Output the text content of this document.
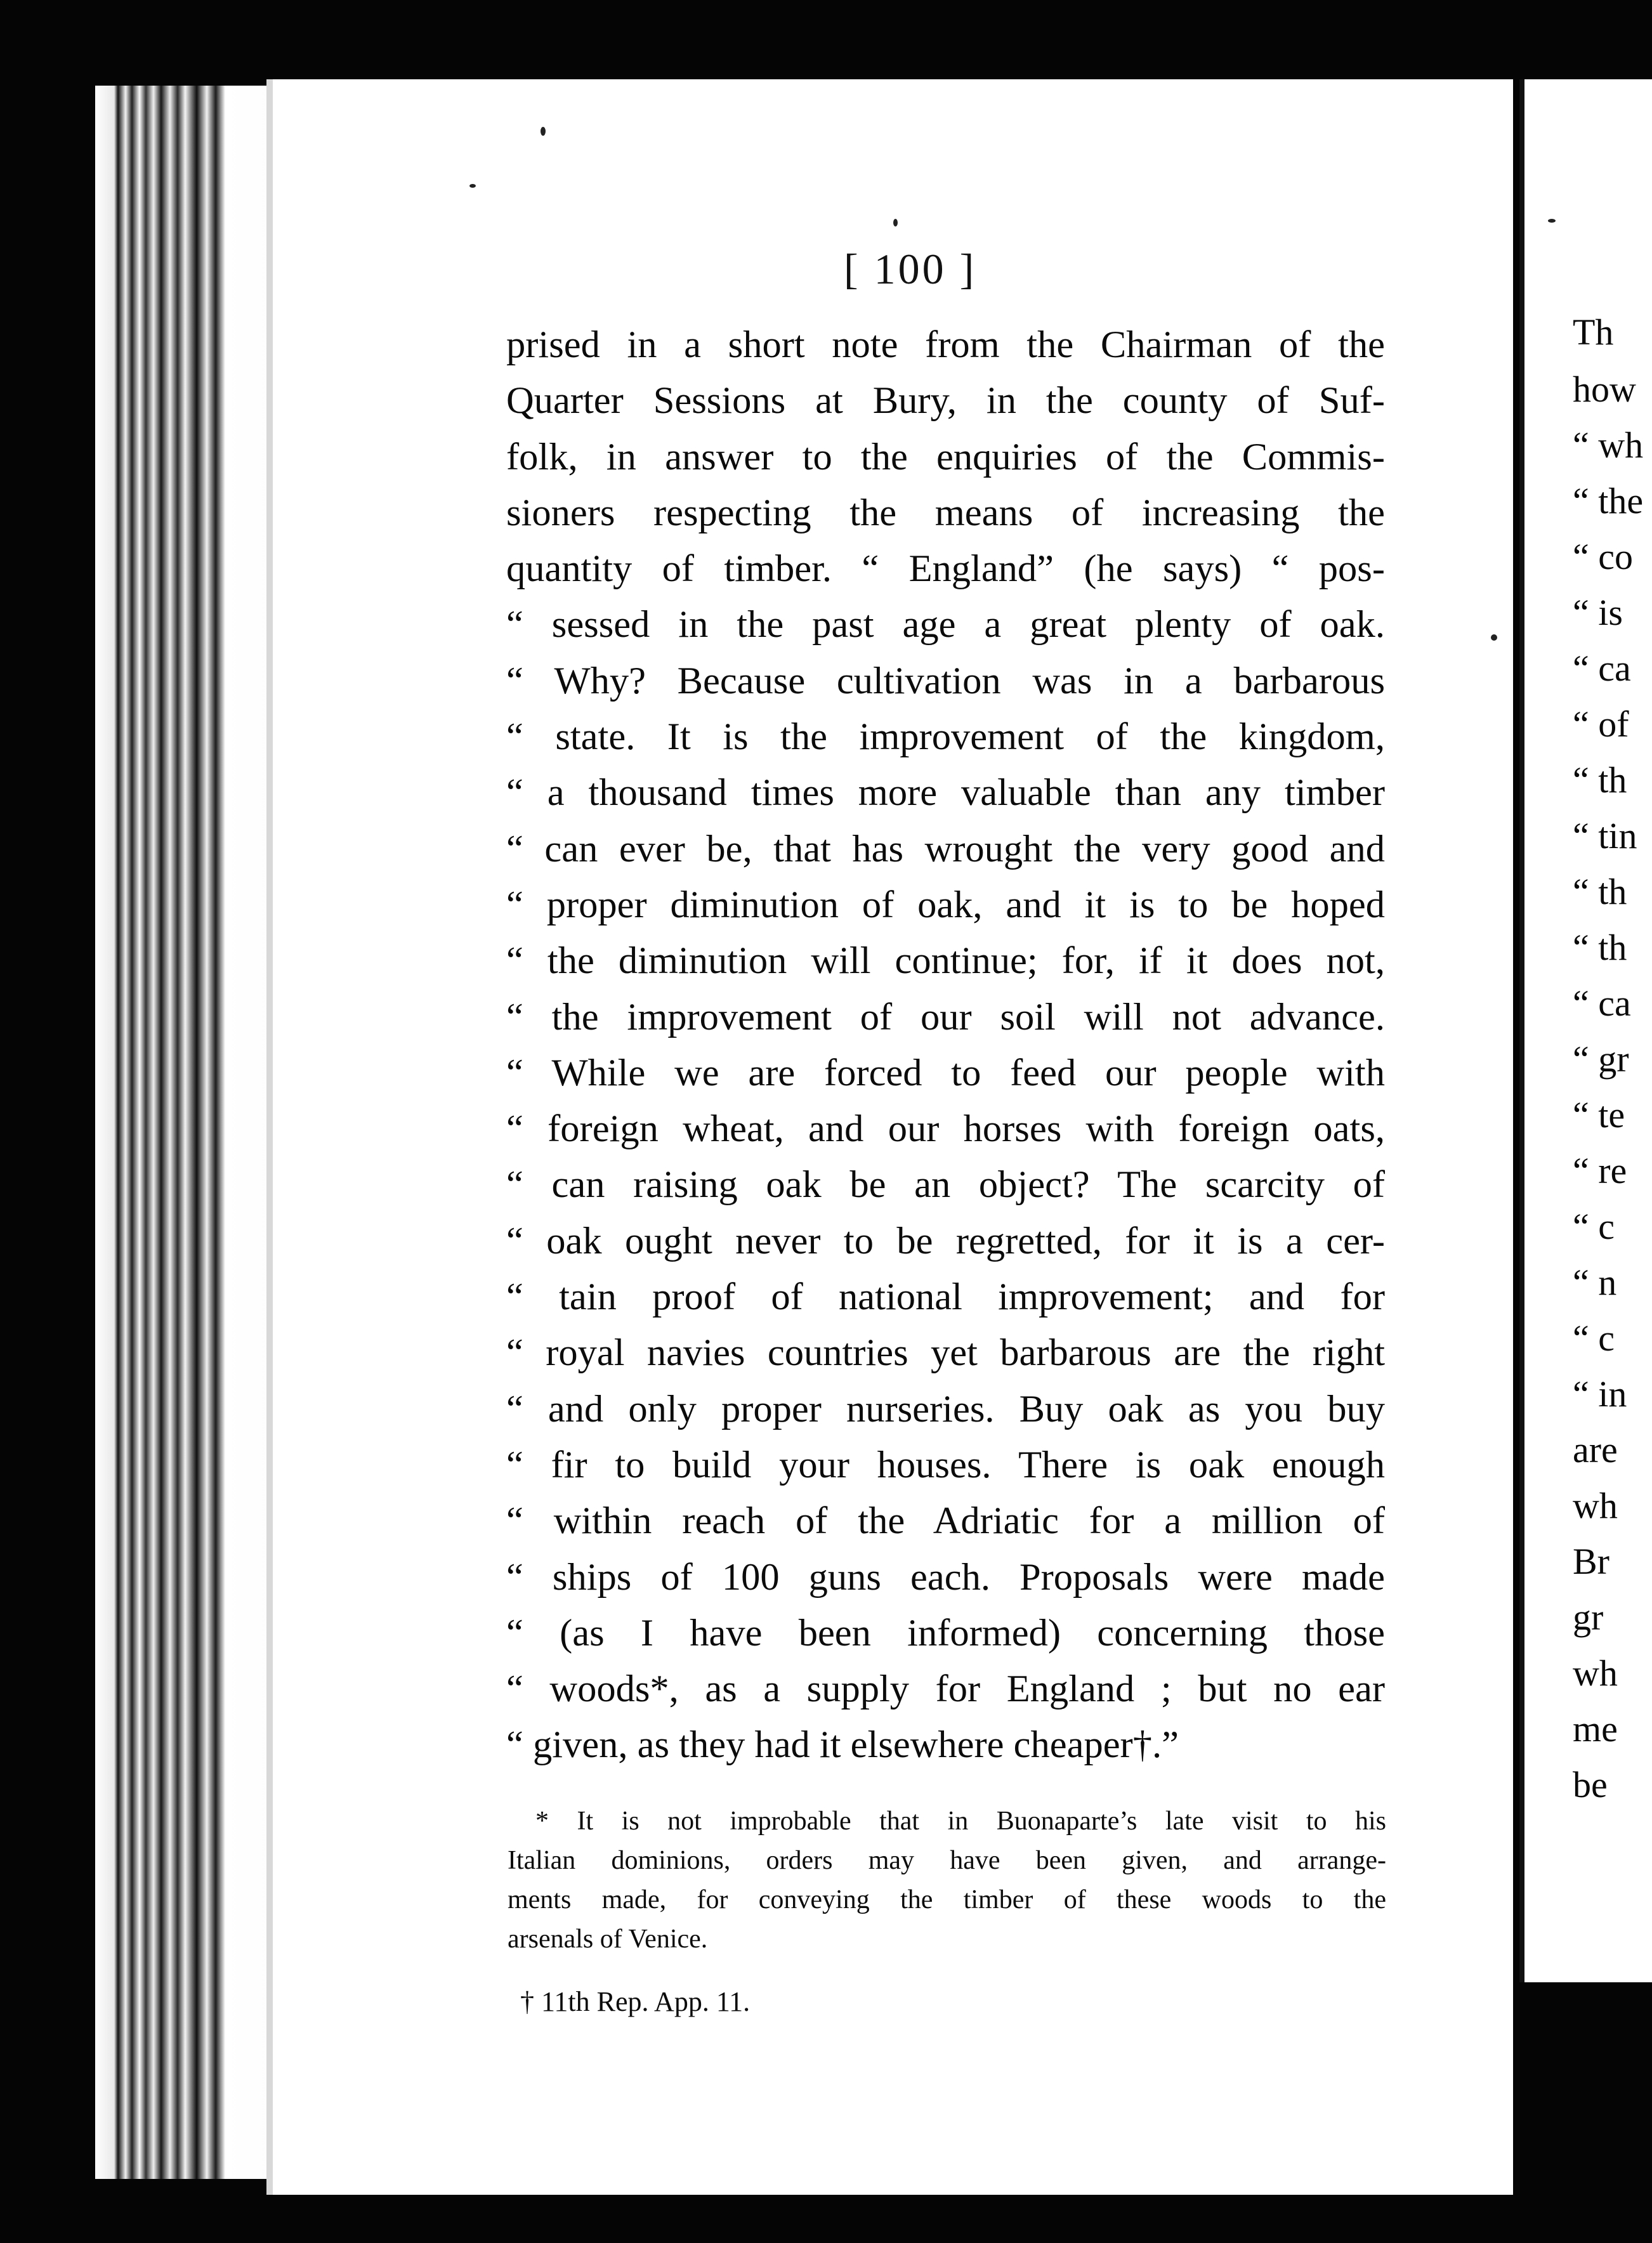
Th
how
“ wh
“ the
“ co
“ is
“ ca
“ of
“ th
“ tin
“ th
“ th
“ ca
“ gr
“ te
“ re
“ c
“ n
“ c
“ in
are
wh
Br
gr
wh
me
be
[ 100 ]
prised in a short note from the Chairman of the
Quarter Sessions at Bury, in the county of Suf-
folk, in answer to the enquiries of the Commis-
sioners respecting the means of increasing the
quantity of timber. “ England” (he says) “ pos-
“ sessed in the past age a great plenty of oak.
“ Why? Because cultivation was in a barbarous
“ state. It is the improvement of the kingdom,
“ a thousand times more valuable than any timber
“ can ever be, that has wrought the very good and
“ proper diminution of oak, and it is to be hoped
“ the diminution will continue; for, if it does not,
“ the improvement of our soil will not advance.
“ While we are forced to feed our people with
“ foreign wheat, and our horses with foreign oats,
“ can raising oak be an object? The scarcity of
“ oak ought never to be regretted, for it is a cer-
“ tain proof of national improvement; and for
“ royal navies countries yet barbarous are the right
“ and only proper nurseries. Buy oak as you buy
“ fir to build your houses. There is oak enough
“ within reach of the Adriatic for a million of
“ ships of 100 guns each. Proposals were made
“ (as I have been informed) concerning those
“ woods*, as a supply for England ; but no ear
“ given, as they had it elsewhere cheaper†.”
* It is not improbable that in Buonaparte’s late visit to his
Italian dominions, orders may have been given, and arrange-
ments made, for conveying the timber of these woods to the
arsenals of Venice.
† 11th Rep. App. 11.
